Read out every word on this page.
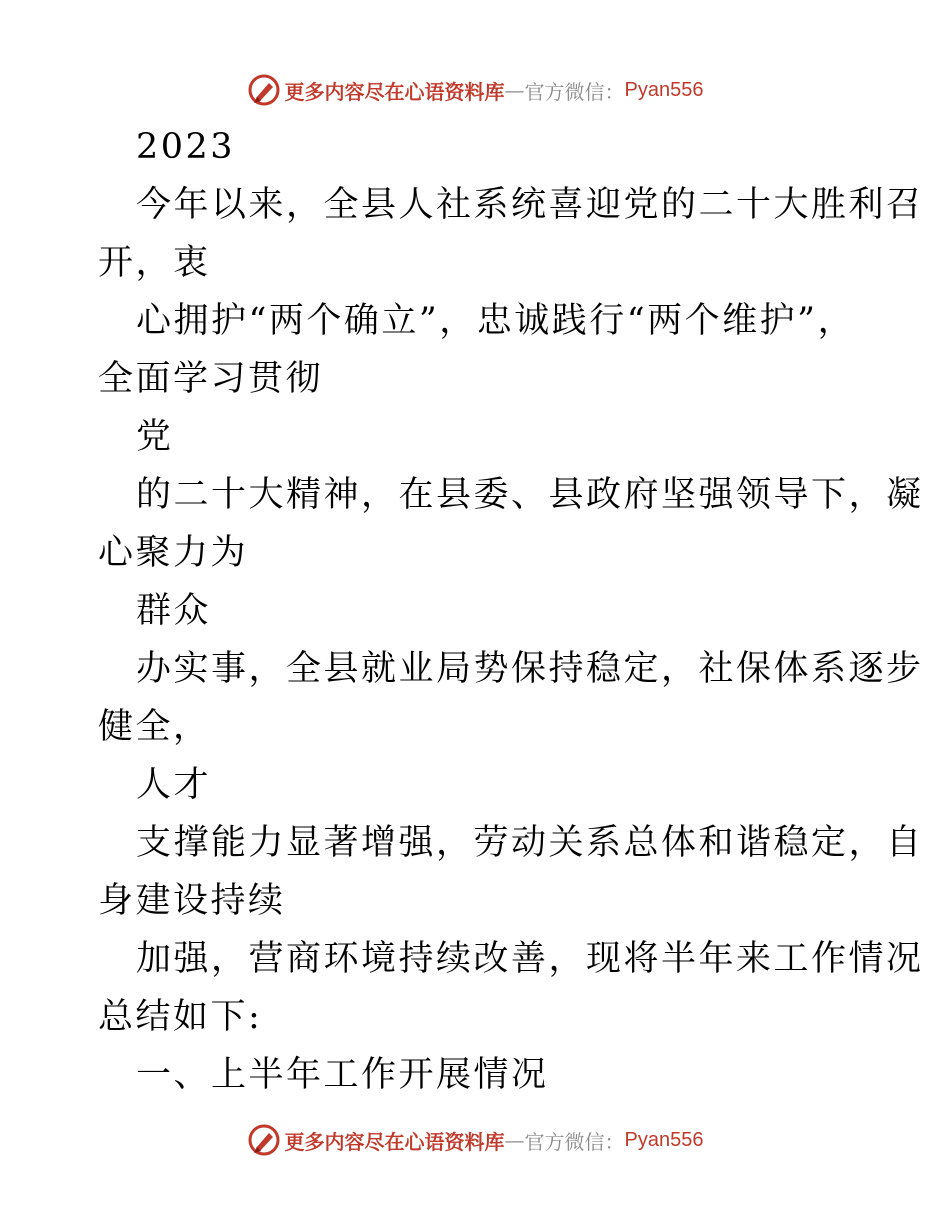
更多内容尽在心语资料库 — 官方微信： Pyan556
2023
今年以来，全县人社系统喜迎党的二十大胜利召
开，衷
心拥护“两个确立”，忠诚践行“两个维护”，
全面学习贯彻
党
的二十大精神，在县委、县政府坚强领导下，凝
心聚力为
群众
办实事，全县就业局势保持稳定，社保体系逐步
健全，
人才
支撑能力显著增强，劳动关系总体和谐稳定，自
身建设持续
加强，营商环境持续改善，现将半年来工作情况
总结如下:
一、上半年工作开展情况
更多内容尽在心语资料库 — 官方微信： Pyan556
